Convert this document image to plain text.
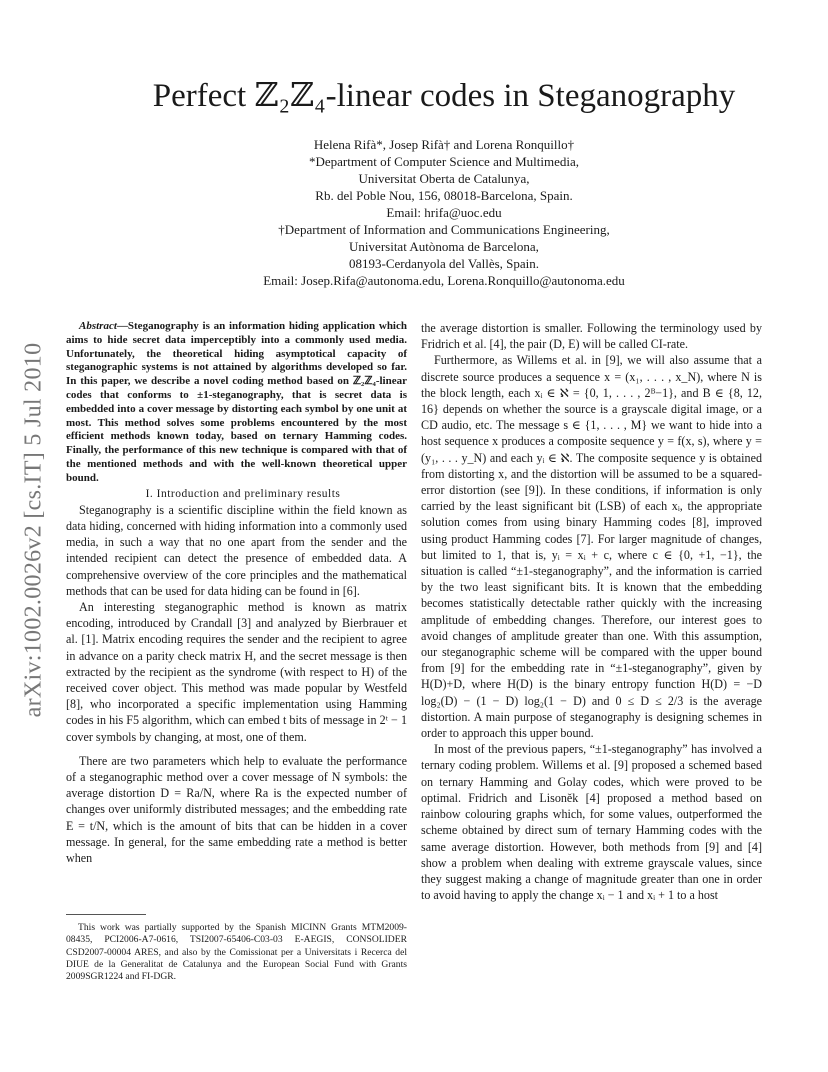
arXiv:1002.0026v2 [cs.IT] 5 Jul 2010
Perfect ℤ₂ℤ₄-linear codes in Steganography
Helena Rifà*, Josep Rifà† and Lorena Ronquillo†
*Department of Computer Science and Multimedia,
Universitat Oberta de Catalunya,
Rb. del Poble Nou, 156, 08018-Barcelona, Spain.
Email: hrifa@uoc.edu
†Department of Information and Communications Engineering,
Universitat Autònoma de Barcelona,
08193-Cerdanyola del Vallès, Spain.
Email: Josep.Rifa@autonoma.edu, Lorena.Ronquillo@autonoma.edu

Abstract—Steganography is an information hiding application which aims to hide secret data imperceptibly into a commonly used media. Unfortunately, the theoretical hiding asymptotical capacity of steganographic systems is not attained by algorithms developed so far. In this paper, we describe a novel coding method based on ℤ₂ℤ₄-linear codes that conforms to ±1-steganography, that is secret data is embedded into a cover message by distorting each symbol by one unit at most. This method solves some problems encountered by the most efficient methods known today, based on ternary Hamming codes. Finally, the performance of this new technique is compared with that of the mentioned methods and with the well-known theoretical upper bound.

I. Introduction and preliminary results

Steganography is a scientific discipline within the field known as data hiding, concerned with hiding information into a commonly used media, in such a way that no one apart from the sender and the intended recipient can detect the presence of embedded data. A comprehensive overview of the core principles and the mathematical methods that can be used for data hiding can be found in [6].

An interesting steganographic method is known as matrix encoding, introduced by Crandall [3] and analyzed by Bierbrauer et al. [1]. Matrix encoding requires the sender and the recipient to agree in advance on a parity check matrix H, and the secret message is then extracted by the recipient as the syndrome (with respect to H) of the received cover object. This method was made popular by Westfeld [8], who incorporated a specific implementation using Hamming codes in his F5 algorithm, which can embed t bits of message in 2ᵗ − 1 cover symbols by changing, at most, one of them.

There are two parameters which help to evaluate the performance of a steganographic method over a cover message of N symbols: the average distortion D = Ra/N, where Ra is the expected number of changes over uniformly distributed messages; and the embedding rate E = t/N, which is the amount of bits that can be hidden in a cover message. In general, for the same embedding rate a method is better when

This work was partially supported by the Spanish MICINN Grants MTM2009-08435, PCI2006-A7-0616, TSI2007-65406-C03-03 E-AEGIS, CONSOLIDER CSD2007-00004 ARES, and also by the Comissionat per a Universitats i Recerca del DIUE de la Generalitat de Catalunya and the European Social Fund with Grants 2009SGR1224 and FI-DGR.

the average distortion is smaller. Following the terminology used by Fridrich et al. [4], the pair (D, E) will be called CI-rate.

Furthermore, as Willems et al. in [9], we will also assume that a discrete source produces a sequence x = (x₁, . . . , x_N), where N is the block length, each xᵢ ∈ ℵ = {0, 1, . . . , 2ᴮ−1}, and B ∈ {8, 12, 16} depends on whether the source is a grayscale digital image, or a CD audio, etc. The message s ∈ {1, . . . , M} we want to hide into a host sequence x produces a composite sequence y = f(x, s), where y = (y₁, . . . y_N) and each yᵢ ∈ ℵ. The composite sequence y is obtained from distorting x, and the distortion will be assumed to be a squared-error distortion (see [9]). In these conditions, if information is only carried by the least significant bit (LSB) of each xᵢ, the appropriate solution comes from using binary Hamming codes [8], improved using product Hamming codes [7]. For larger magnitude of changes, but limited to 1, that is, yᵢ = xᵢ + c, where c ∈ {0, +1, −1}, the situation is called “±1-steganography”, and the information is carried by the two least significant bits. It is known that the embedding becomes statistically detectable rather quickly with the increasing amplitude of embedding changes. Therefore, our interest goes to avoid changes of amplitude greater than one. With this assumption, our steganographic scheme will be compared with the upper bound from [9] for the embedding rate in “±1-steganography”, given by H(D)+D, where H(D) is the binary entropy function H(D) = −D log₂(D) − (1 − D) log₂(1 − D) and 0 ≤ D ≤ 2/3 is the average distortion. A main purpose of steganography is designing schemes in order to approach this upper bound.

In most of the previous papers, “±1-steganography” has involved a ternary coding problem. Willems et al. [9] proposed a schemed based on ternary Hamming and Golay codes, which were proved to be optimal. Fridrich and Lisoněk [4] proposed a method based on rainbow colouring graphs which, for some values, outperformed the scheme obtained by direct sum of ternary Hamming codes with the same average distortion. However, both methods from [9] and [4] show a problem when dealing with extreme grayscale values, since they suggest making a change of magnitude greater than one in order to avoid having to apply the change xᵢ − 1 and xᵢ + 1 to a host
